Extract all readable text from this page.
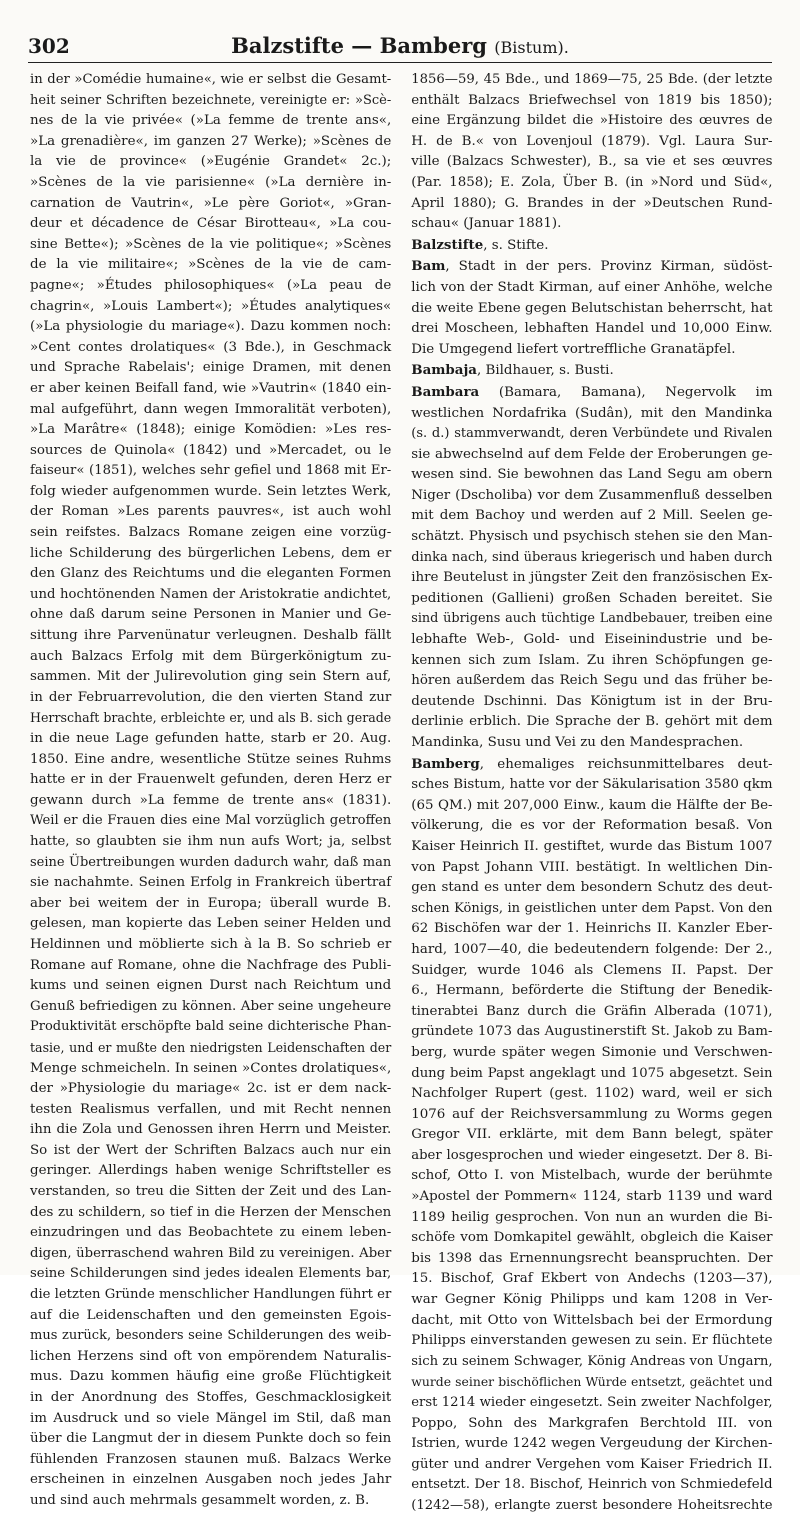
302	Balzstifte — Bamberg (Bistum).
in der »Comédie humaine«, wie er selbst die Gesamt-
heit seiner Schriften bezeichnete, vereinigte er: »Scè-
nes de la vie privée« (»La femme de trente ans«,
»La grenadière«, im ganzen 27 Werke); »Scènes de
la vie de province« (»Eugénie Grandet« 2c.);
»Scènes de la vie parisienne« (»La dernière in-
carnation de Vautrin«, »Le père Goriot«, »Gran-
deur et décadence de César Birotteau«, »La cou-
sine Bette«); »Scènes de la vie politique«; »Scènes
de la vie militaire«; »Scènes de la vie de cam-
pagne«; »Études philosophiques« (»La peau de
chagrin«, »Louis Lambert«); »Études analytiques«
(»La physiologie du mariage«). Dazu kommen noch:
»Cent contes drolatiques« (3 Bde.), in Geschmack
und Sprache Rabelais'; einige Dramen, mit denen
er aber keinen Beifall fand, wie »Vautrin« (1840 ein-
mal aufgeführt, dann wegen Immoralität verboten),
»La Marâtre« (1848); einige Komödien: »Les res-
sources de Quinola« (1842) und »Mercadet, ou le
faiseur« (1851), welches sehr gefiel und 1868 mit Er-
folg wieder aufgenommen wurde. Sein letztes Werk,
der Roman »Les parents pauvres«, ist auch wohl
sein reifstes. Balzacs Romane zeigen eine vorzüg-
liche Schilderung des bürgerlichen Lebens, dem er
den Glanz des Reichtums und die eleganten Formen
und hochtönenden Namen der Aristokratie andichtet,
ohne daß darum seine Personen in Manier und Ge-
sittung ihre Parvenünatur verleugnen. Deshalb fällt
auch Balzacs Erfolg mit dem Bürgerkönigtum zu-
sammen. Mit der Julirevolution ging sein Stern auf,
in der Februarrevolution, die den vierten Stand zur
Herrschaft brachte, erbleichte er, und als B. sich gerade
in die neue Lage gefunden hatte, starb er 20. Aug.
1850. Eine andre, wesentliche Stütze seines Ruhms
hatte er in der Frauenwelt gefunden, deren Herz er
gewann durch »La femme de trente ans« (1831).
Weil er die Frauen dies eine Mal vorzüglich getroffen
hatte, so glaubten sie ihm nun aufs Wort; ja, selbst
seine Übertreibungen wurden dadurch wahr, daß man
sie nachahmte. Seinen Erfolg in Frankreich übertraf
aber bei weitem der in Europa; überall wurde B.
gelesen, man kopierte das Leben seiner Helden und
Heldinnen und möblierte sich à la B. So schrieb er
Romane auf Romane, ohne die Nachfrage des Publi-
kums und seinen eignen Durst nach Reichtum und
Genuß befriedigen zu können. Aber seine ungeheure
Produktivität erschöpfte bald seine dichterische Phan-
tasie, und er mußte den niedrigsten Leidenschaften der
Menge schmeicheln. In seinen »Contes drolatiques«,
der »Physiologie du mariage« 2c. ist er dem nack-
testen Realismus verfallen, und mit Recht nennen
ihn die Zola und Genossen ihren Herrn und Meister.
So ist der Wert der Schriften Balzacs auch nur ein
geringer. Allerdings haben wenige Schriftsteller es
verstanden, so treu die Sitten der Zeit und des Lan-
des zu schildern, so tief in die Herzen der Menschen
einzudringen und das Beobachtete zu einem leben-
digen, überraschend wahren Bild zu vereinigen. Aber
seine Schilderungen sind jedes idealen Elements bar,
die letzten Gründe menschlicher Handlungen führt er
auf die Leidenschaften und den gemeinsten Egois-
mus zurück, besonders seine Schilderungen des weib-
lichen Herzens sind oft von empörendem Naturalis-
mus. Dazu kommen häufig eine große Flüchtigkeit
in der Anordnung des Stoffes, Geschmacklosigkeit
im Ausdruck und so viele Mängel im Stil, daß man
über die Langmut der in diesem Punkte doch so fein
fühlenden Franzosen staunen muß. Balzacs Werke
erscheinen in einzelnen Ausgaben noch jedes Jahr
und sind auch mehrmals gesammelt worden, z. B.
1856—59, 45 Bde., und 1869—75, 25 Bde. (der letzte
enthält Balzacs Briefwechsel von 1819 bis 1850);
eine Ergänzung bildet die »Histoire des œuvres de
H. de B.« von Lovenjoul (1879). Vgl. Laura Sur-
ville (Balzacs Schwester), B., sa vie et ses œuvres
(Par. 1858); E. Zola, Über B. (in »Nord und Süd«,
April 1880); G. Brandes in der »Deutschen Rund-
schau« (Januar 1881).
Balzstifte, s. Stifte.
Bam, Stadt in der pers. Provinz Kirman, südöst-
lich von der Stadt Kirman, auf einer Anhöhe, welche
die weite Ebene gegen Belutschistan beherrscht, hat
drei Moscheen, lebhaften Handel und 10,000 Einw.
Die Umgegend liefert vortreffliche Granatäpfel.
Bambaja, Bildhauer, s. Busti.
Bambara (Bamara, Bamana), Negervolk im
westlichen Nordafrika (Sudân), mit den Mandinka
(s. d.) stammverwandt, deren Verbündete und Rivalen
sie abwechselnd auf dem Felde der Eroberungen ge-
wesen sind. Sie bewohnen das Land Segu am obern
Niger (Dscholiba) vor dem Zusammenfluß desselben
mit dem Bachoy und werden auf 2 Mill. Seelen ge-
schätzt. Physisch und psychisch stehen sie den Man-
dinka nach, sind überaus kriegerisch und haben durch
ihre Beutelust in jüngster Zeit den französischen Ex-
peditionen (Gallieni) großen Schaden bereitet. Sie
sind übrigens auch tüchtige Landbebauer, treiben eine
lebhafte Web-, Gold- und Eiseinindustrie und be-
kennen sich zum Islam. Zu ihren Schöpfungen ge-
hören außerdem das Reich Segu und das früher be-
deutende Dschinni. Das Königtum ist in der Bru-
derlinie erblich. Die Sprache der B. gehört mit dem
Mandinka, Susu und Vei zu den Mandesprachen.
Bamberg, ehemaliges reichsunmittelbares deut-
sches Bistum, hatte vor der Säkularisation 3580 qkm
(65 QM.) mit 207,000 Einw., kaum die Hälfte der Be-
völkerung, die es vor der Reformation besaß. Von
Kaiser Heinrich II. gestiftet, wurde das Bistum 1007
von Papst Johann VIII. bestätigt. In weltlichen Din-
gen stand es unter dem besondern Schutz des deut-
schen Königs, in geistlichen unter dem Papst. Von den
62 Bischöfen war der 1. Heinrichs II. Kanzler Eber-
hard, 1007—40, die bedeutendern folgende: Der 2.,
Suidger, wurde 1046 als Clemens II. Papst. Der
6., Hermann, beförderte die Stiftung der Benedik-
tinerabtei Banz durch die Gräfin Alberada (1071),
gründete 1073 das Augustinerstift St. Jakob zu Bam-
berg, wurde später wegen Simonie und Verschwen-
dung beim Papst angeklagt und 1075 abgesetzt. Sein
Nachfolger Rupert (gest. 1102) ward, weil er sich
1076 auf der Reichsversammlung zu Worms gegen
Gregor VII. erklärte, mit dem Bann belegt, später
aber losgesprochen und wieder eingesetzt. Der 8. Bi-
schof, Otto I. von Mistelbach, wurde der berühmte
»Apostel der Pommern« 1124, starb 1139 und ward
1189 heilig gesprochen. Von nun an wurden die Bi-
schöfe vom Domkapitel gewählt, obgleich die Kaiser
bis 1398 das Ernennungsrecht beanspruchten. Der
15. Bischof, Graf Ekbert von Andechs (1203—37),
war Gegner König Philipps und kam 1208 in Ver-
dacht, mit Otto von Wittelsbach bei der Ermordung
Philipps einverstanden gewesen zu sein. Er flüchtete
sich zu seinem Schwager, König Andreas von Ungarn,
wurde seiner bischöflichen Würde entsetzt, geächtet und
erst 1214 wieder eingesetzt. Sein zweiter Nachfolger,
Poppo, Sohn des Markgrafen Berchtold III. von
Istrien, wurde 1242 wegen Vergeudung der Kirchen-
güter und andrer Vergehen vom Kaiser Friedrich II.
entsetzt. Der 18. Bischof, Heinrich von Schmiedefeld
(1242—58), erlangte zuerst besondere Hoheitsrechte
